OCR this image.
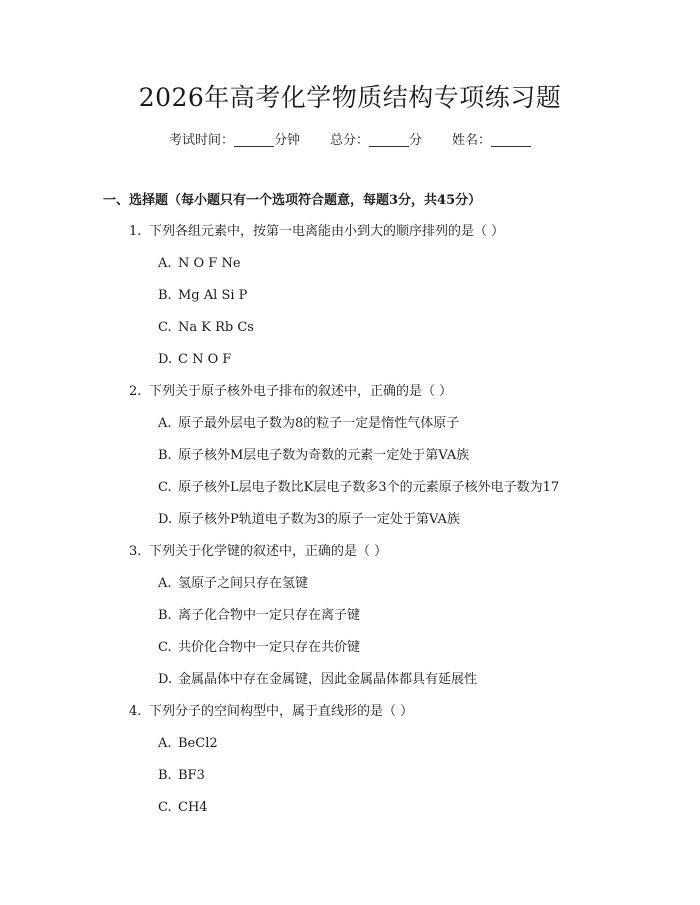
2026年高考化学物质结构专项练习题
考试时间：	分钟 总分：	分 姓名：
一、选择题（每小题只有一个选项符合题意，每题3分，共45分）
1. 下列各组元素中，按第一电离能由小到大的顺序排列的是（ ）
A. N O F Ne
B. Mg Al Si P
C. Na K Rb Cs
D. C N O F
2. 下列关于原子核外电子排布的叙述中，正确的是（ ）
A. 原子最外层电子数为8的粒子一定是惰性气体原子
B. 原子核外M层电子数为奇数的元素一定处于第VA族
C. 原子核外L层电子数比K层电子数多3个的元素原子核外电子数为17
D. 原子核外P轨道电子数为3的原子一定处于第VA族
3. 下列关于化学键的叙述中，正确的是（ ）
A. 氢原子之间只存在氢键
B. 离子化合物中一定只存在离子键
C. 共价化合物中一定只存在共价键
D. 金属晶体中存在金属键，因此金属晶体都具有延展性
4. 下列分子的空间构型中，属于直线形的是（ ）
A. BeCl2
B. BF3
C. CH4
